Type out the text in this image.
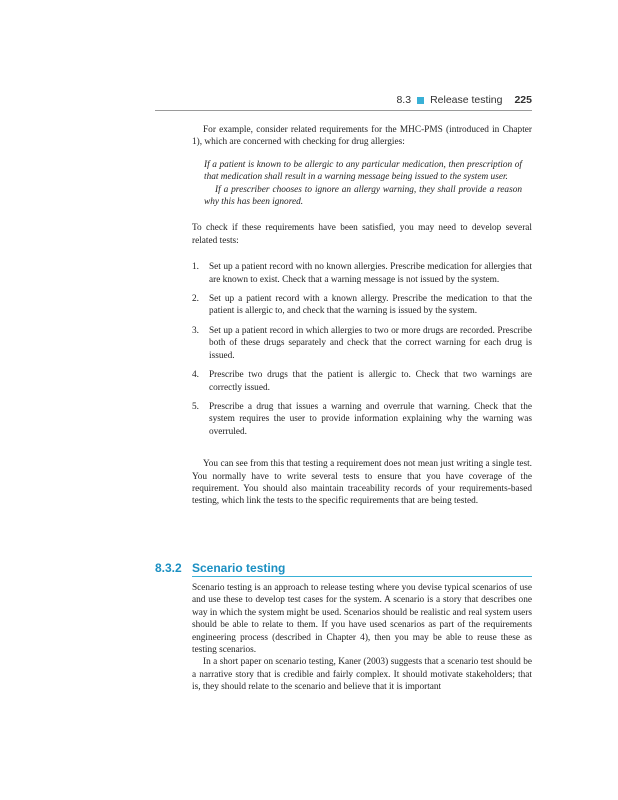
8.3 Release testing 225

For example, consider related requirements for the MHC-PMS (introduced in Chapter 1), which are concerned with checking for drug allergies:

If a patient is known to be allergic to any particular medication, then prescription of that medication shall result in a warning message being issued to the system user.

If a prescriber chooses to ignore an allergy warning, they shall provide a reason why this has been ignored.

To check if these requirements have been satisfied, you may need to develop several related tests:

1.	Set up a patient record with no known allergies. Prescribe medication for allergies that are known to exist. Check that a warning message is not issued by the system.
2.	Set up a patient record with a known allergy. Prescribe the medication to that the patient is allergic to, and check that the warning is issued by the system.
3.	Set up a patient record in which allergies to two or more drugs are recorded. Prescribe both of these drugs separately and check that the correct warning for each drug is issued.
4.	Prescribe two drugs that the patient is allergic to. Check that two warnings are correctly issued.
5.	Prescribe a drug that issues a warning and overrule that warning. Check that the system requires the user to provide information explaining why the warning was overruled.

You can see from this that testing a requirement does not mean just writing a single test. You normally have to write several tests to ensure that you have coverage of the requirement. You should also maintain traceability records of your requirements-based testing, which link the tests to the specific requirements that are being tested.

8.3.2 Scenario testing

Scenario testing is an approach to release testing where you devise typical scenarios of use and use these to develop test cases for the system. A scenario is a story that describes one way in which the system might be used. Scenarios should be realistic and real system users should be able to relate to them. If you have used scenarios as part of the requirements engineering process (described in Chapter 4), then you may be able to reuse these as testing scenarios.

In a short paper on scenario testing, Kaner (2003) suggests that a scenario test should be a narrative story that is credible and fairly complex. It should motivate stakeholders; that is, they should relate to the scenario and believe that it is important
